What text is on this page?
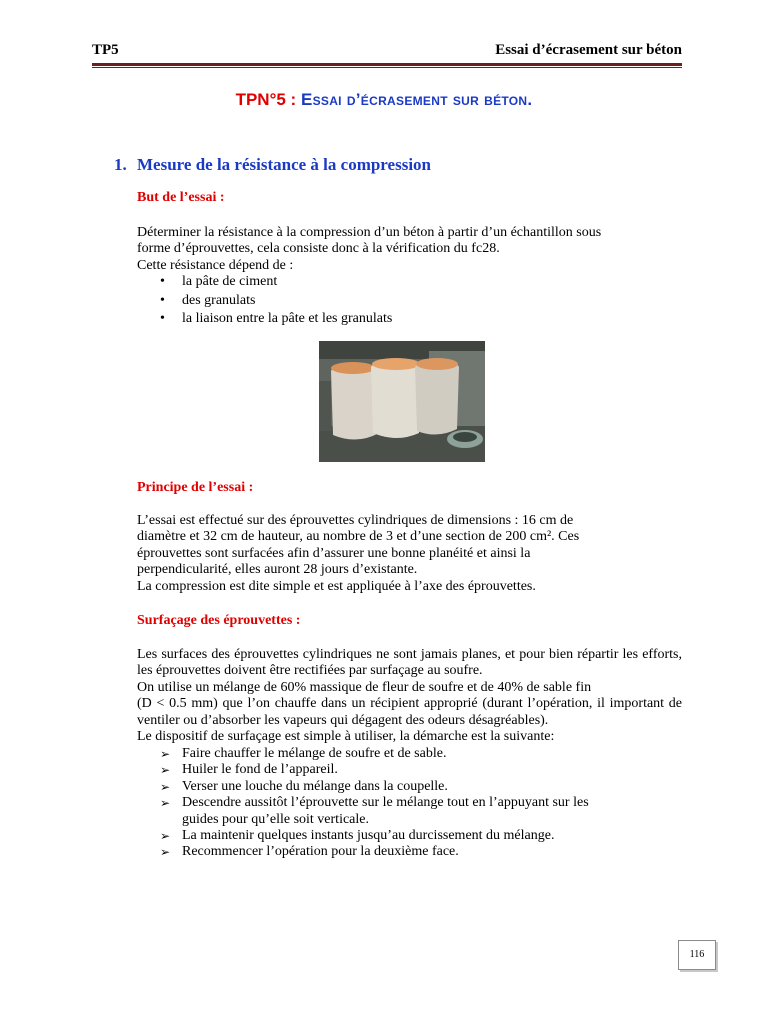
TP5	Essai d’écrasement sur béton
TPN°5 : Essai d’écrasement sur béton.
1. Mesure de la résistance à la compression
But de l’essai :

Déterminer la résistance à la compression d’un béton à partir d’un échantillon sous

forme d’éprouvettes, cela consiste donc à la vérification du fc28.

Cette résistance dépend de :

• la pâte de ciment
• des granulats
• la liaison entre la pâte et les granulats
Principe de l’essai :

L’essai est effectué sur des éprouvettes cylindriques de dimensions : 16 cm de

diamètre et 32 cm de hauteur, au nombre de 3 et d’une section de 200 cm². Ces

éprouvettes sont surfacées afin d’assurer une bonne planéité et ainsi la

perpendicularité, elles auront 28 jours d’existante.

La compression est dite simple et est appliquée à l’axe des éprouvettes.

Surfaçage des éprouvettes :

Les surfaces des éprouvettes cylindriques ne sont jamais planes, et pour bien répartir les efforts, les éprouvettes doivent être rectifiées par surfaçage au soufre.

On utilise un mélange de 60% massique de fleur de soufre et de 40% de sable fin

(D < 0.5 mm) que l’on chauffe dans un récipient approprié (durant l’opération, il important de ventiler ou d’absorber les vapeurs qui dégagent des odeurs désagréables).

Le dispositif de surfaçage est simple à utiliser, la démarche est la suivante:

➢ Faire chauffer le mélange de soufre et de sable.
➢ Huiler le fond de l’appareil.
➢ Verser une louche du mélange dans la coupelle.
➢ Descendre aussitôt l’éprouvette sur le mélange tout en l’appuyant sur les guides pour qu’elle soit verticale.
➢ La maintenir quelques instants jusqu’au durcissement du mélange.
➢ Recommencer l’opération pour la deuxième face.
116
